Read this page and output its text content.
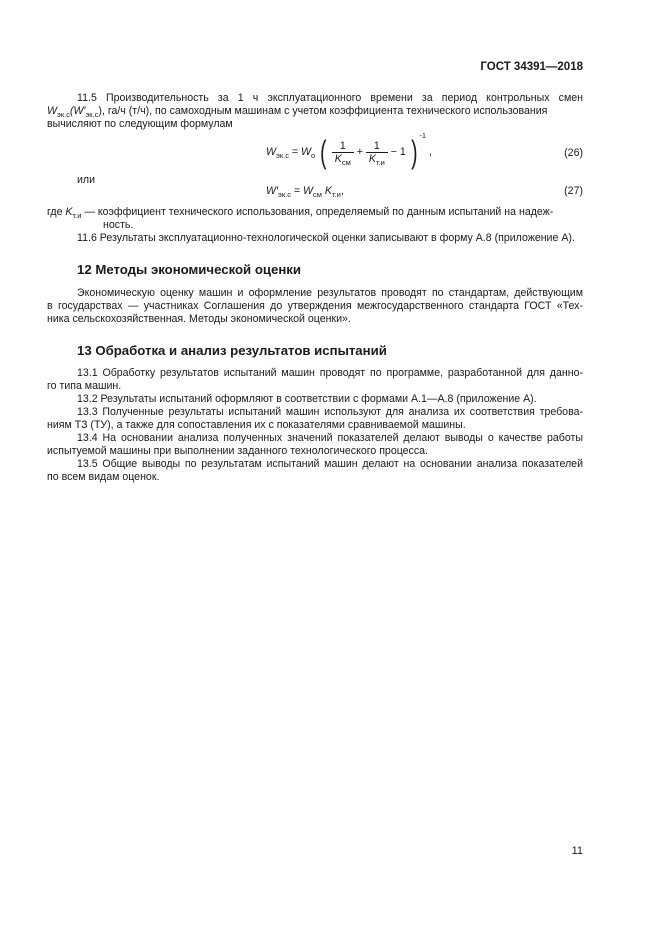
ГОСТ 34391—2018
11.5 Производительность за 1 ч эксплуатационного времени за период контрольных смен
$W_{эк.с}(W'_{эк.с})$, га/ч (т/ч), по самоходным машинам с учетом коэффициента технического использования
вычисляют по следующим формулам
$W_{эк.с} = W_о$ ( $\frac{1}{K_{см}} + \frac{1}{K_{т.и}} - 1$ ) $^{-1}$ ,	(26)
или
$W'_{эк.с} = W_{см}$ $K_{т.и}$,	(27)
где $K_{т.и}$ — коэффициент технического использования, определяемый по данным испытаний на надеж-
ность.
11.6 Результаты эксплуатационно-технологической оценки записывают в форму А.8 (приложение А).
12 Методы экономической оценки
Экономическую оценку машин и оформление результатов проводят по стандартам, действующим
в государствах — участниках Соглашения до утверждения межгосударственного стандарта ГОСТ «Тех-
ника сельскохозяйственная. Методы экономической оценки».
13 Обработка и анализ результатов испытаний
13.1 Обработку результатов испытаний машин проводят по программе, разработанной для данно-
го типа машин.
13.2 Результаты испытаний оформляют в соответствии с формами А.1—А.8 (приложение А).
13.3 Полученные результаты испытаний машин используют для анализа их соответствия требова-
ниям ТЗ (ТУ), а также для сопоставления их с показателями сравниваемой машины.
13.4 На основании анализа полученных значений показателей делают выводы о качестве работы
испытуемой машины при выполнении заданного технологического процесса.
13.5 Общие выводы по результатам испытаний машин делают на основании анализа показателей
по всем видам оценок.
11
